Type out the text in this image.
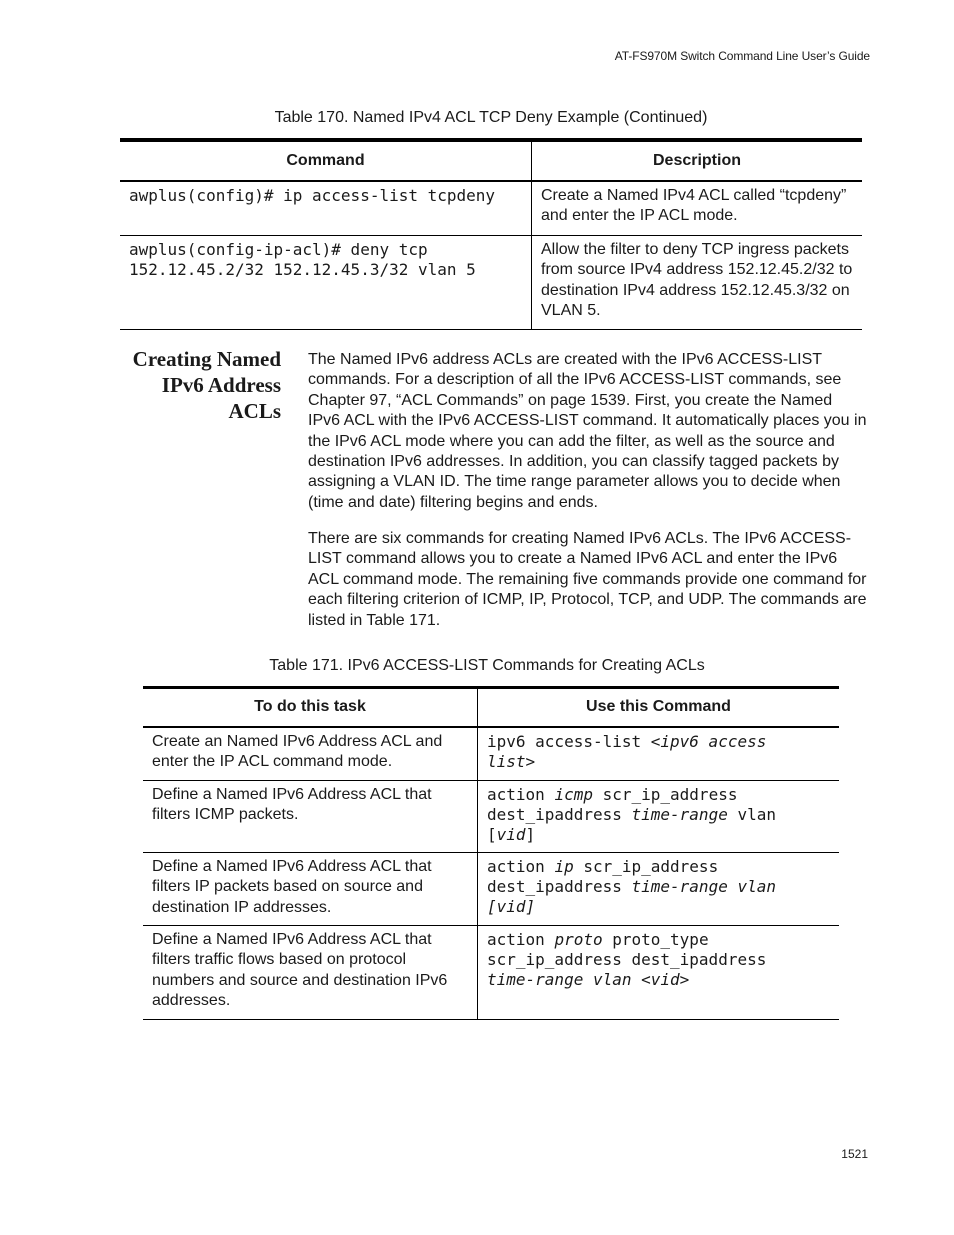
AT-FS970M Switch Command Line User’s Guide
Table 170. Named IPv4 ACL TCP Deny Example (Continued)
Command	Description

awplus(config)# ip access-list tcpdeny	Create a Named IPv4 ACL called “tcpdeny” and enter the IP ACL mode.

awplus(config-ip-acl)# deny tcp
152.12.45.2/32 152.12.45.3/32 vlan 5	Allow the filter to deny TCP ingress packets from source IPv4 address 152.12.45.2/32 to destination IPv4 address 152.12.45.3/32 on VLAN 5.
Creating Named
IPv6 Address
ACLs

The Named IPv6 address ACLs are created with the IPv6 ACCESS-LIST commands. For a description of all the IPv6 ACCESS-LIST commands, see Chapter 97, “ACL Commands” on page 1539. First, you create the Named IPv6 ACL with the IPv6 ACCESS-LIST command. It automatically places you in the IPv6 ACL mode where you can add the filter, as well as the source and destination IPv6 addresses. In addition, you can classify tagged packets by assigning a VLAN ID. The time range parameter allows you to decide when (time and date) filtering begins and ends.

There are six commands for creating Named IPv6 ACLs. The IPv6 ACCESS-LIST command allows you to create a Named IPv6 ACL and enter the IPv6 ACL command mode. The remaining five commands provide one command for each filtering criterion of ICMP, IP, Protocol, TCP, and UDP. The commands are listed in Table 171.

Table 171. IPv6 ACCESS-LIST Commands for Creating ACLs
To do this task	Use this Command
Create an Named IPv6 Address ACL and enter the IP ACL command mode.	ipv6 access-list <ipv6 access
list>

Define a Named IPv6 Address ACL that filters ICMP packets.	action icmp scr_ip_address
dest_ipaddress time-range vlan
[vid]

Define a Named IPv6 Address ACL that filters IP packets based on source and destination IP addresses.	action ip scr_ip_address
dest_ipaddress time-range vlan
[vid]

Define a Named IPv6 Address ACL that filters traffic flows based on protocol numbers and source and destination IPv6 addresses.	action proto proto_type
scr_ip_address dest_ipaddress
time-range vlan <vid>
1521
